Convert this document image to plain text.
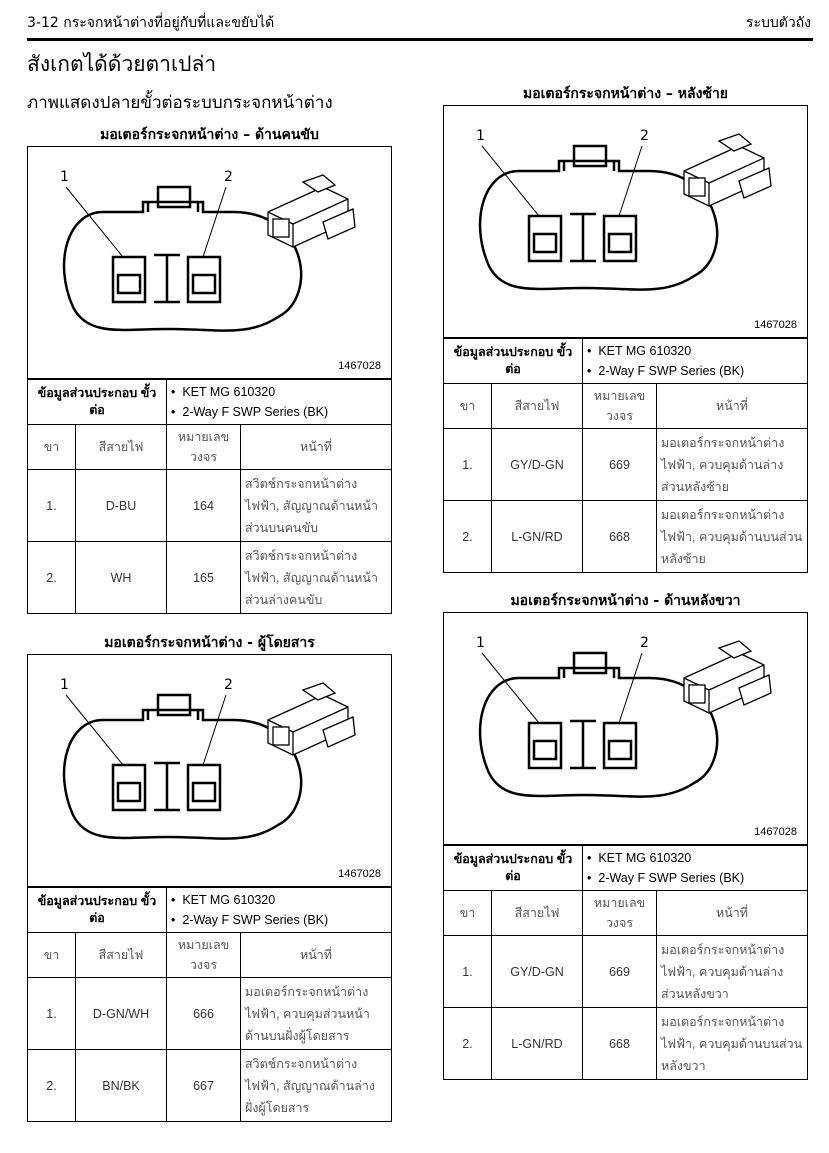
3-12 กระจกหน้าต่างที่อยู่กับที่และขยับได้	ระบบตัวถัง
สังเกตได้ด้วยตาเปล่า
ภาพแสดงปลายขั้วต่อระบบกระจกหน้าต่าง
มอเตอร์กระจกหน้าต่าง – ด้านคนขับ
1	2
1467028
ข้อมูลส่วนประกอบ ขั้วต่อ		•  KET MG 610320
•  2-Way F SWP Series (BK)	

ขา	สีสายไฟ	หมายเลข วงจร	หน้าที่
1.	D-BU	164	สวิตช์กระจกหน้าต่างไฟฟ้า, สัญญาณด้านหน้าส่วนบนคนขับ
2.	WH	165	สวิตช์กระจกหน้าต่างไฟฟ้า, สัญญาณด้านหน้าส่วนล่างคนขับ
มอเตอร์กระจกหน้าต่าง - ผู้โดยสาร
1	2
1467028
ข้อมูลส่วนประกอบ ขั้วต่อ		•  KET MG 610320
•  2-Way F SWP Series (BK)	

ขา	สีสายไฟ	หมายเลข วงจร	หน้าที่
1.	D-GN/WH	666	มอเตอร์กระจกหน้าต่างไฟฟ้า, ควบคุมส่วนหน้าด้านบนฝั่งผู้โดยสาร
2.	BN/BK	667	สวิตช์กระจกหน้าต่างไฟฟ้า, สัญญาณด้านล่างฝั่งผู้โดยสาร
มอเตอร์กระจกหน้าต่าง – หลังซ้าย
1	2
1467028
ข้อมูลส่วนประกอบ ขั้วต่อ		•  KET MG 610320
•  2-Way F SWP Series (BK)	

ขา	สีสายไฟ	หมายเลข วงจร	หน้าที่
1.	GY/D-GN	669	มอเตอร์กระจกหน้าต่างไฟฟ้า, ควบคุมด้านล่างส่วนหลังซ้าย
2.	L-GN/RD	668	มอเตอร์กระจกหน้าต่างไฟฟ้า, ควบคุมด้านบนส่วนหลังซ้าย
มอเตอร์กระจกหน้าต่าง - ด้านหลังขวา
1	2
1467028
ข้อมูลส่วนประกอบ ขั้วต่อ		•  KET MG 610320
•  2-Way F SWP Series (BK)	

ขา	สีสายไฟ	หมายเลข วงจร	หน้าที่
1.	GY/D-GN	669	มอเตอร์กระจกหน้าต่างไฟฟ้า, ควบคุมด้านล่างส่วนหลังขวา
2.	L-GN/RD	668	มอเตอร์กระจกหน้าต่างไฟฟ้า, ควบคุมด้านบนส่วนหลังขวา
